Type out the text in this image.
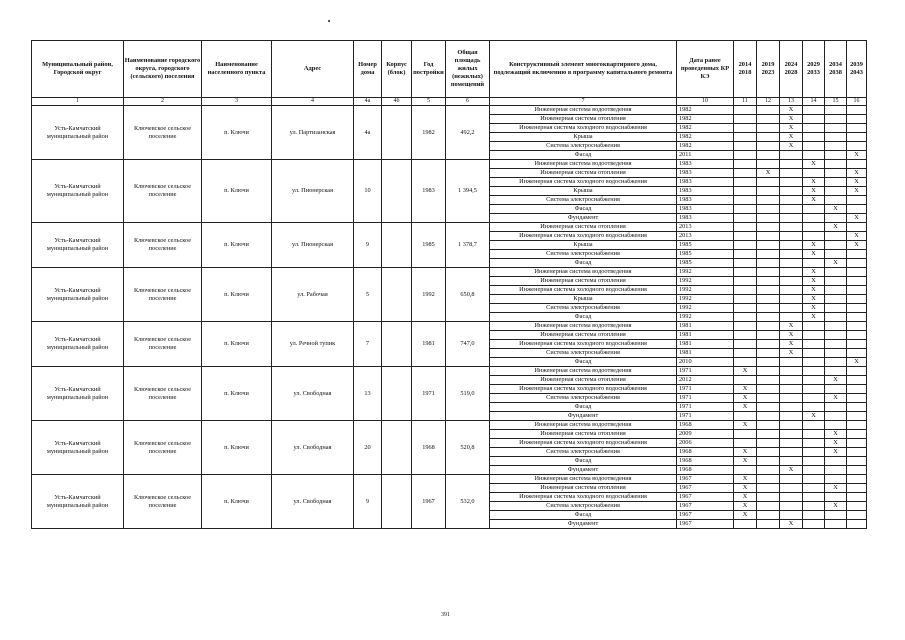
Муниципальный район, Городской округ	Наименование городского округа, городского (сельского) поселения	Наименование населенного пункта	Адрес	Номер дома	Корпус (блок)	Год постройки	Общая площадь жилых (нежилых) помещений	Конструктивный элемент многоквартирного дома, подлежащий включению в программу капитального ремонта	Дата ранее проведенных КР КЭ	2014 2018	2019 2023	2024 2028	2029 2033	2034 2038	2039 2043
1	2	3	4	4а	4б	5	6	7	10	11	12	13	14	15	16
Усть-Камчатский муниципальный район	Ключевское сельское поселение	п. Ключи	ул. Партизанская	4а		1982	492,2	Инженерная система водоотведения	1982			X			
								Инженерная система отопления	1982			X			
								Инженерная система холодного водоснабжения	1982			X			
								Крыша	1982			X			
								Система электроснабжения	1982			X			
								Фасад	2011						X
Усть-Камчатский муниципальный район	Ключевское сельское поселение	п. Ключи	ул. Пионерская	10		1983	1 394,5	Инженерная система водоотведения	1983				X		
								Инженерная система отопления	1983		X				X
								Инженерная система холодного водоснабжения	1983				X		X
								Крыша	1983				X		X
								Система электроснабжения	1983				X		
								Фасад	1983					X	
								Фундамент	1983						X
Усть-Камчатский муниципальный район	Ключевское сельское поселение	п. Ключи	ул. Пионерская	9		1985	1 378,7	Инженерная система отопления	2013					X	
								Инженерная система холодного водоснабжения	2013						X
								Крыша	1985				X		X
								Система электроснабжения	1985				X		
								Фасад	1985					X	
Усть-Камчатский муниципальный район	Ключевское сельское поселение	п. Ключи	ул. Рабочая	5		1992	650,8	Инженерная система водоотведения	1992				X		
								Инженерная система отопления	1992				X		
								Инженерная система холодного водоснабжения	1992				X		
								Крыша	1992				X		
								Система электроснабжения	1992				X		
								Фасад	1992				X		
Усть-Камчатский муниципальный район	Ключевское сельское поселение	п. Ключи	ул. Речной тупик	7		1981	747,0	Инженерная система водоотведения	1981			X			
								Инженерная система отопления	1981			X			
								Инженерная система холодного водоснабжения	1981			X			
								Система электроснабжения	1981			X			
								Фасад	2010						X
Усть-Камчатский муниципальный район	Ключевское сельское поселение	п. Ключи	ул. Свободная	13		1971	519,0	Инженерная система водоотведения	1971	X					
								Инженерная система отопления	2012					X	
								Инженерная система холодного водоснабжения	1971	X					
								Система электроснабжения	1971	X				X	
								Фасад	1971	X					
								Фундамент	1971				X		
Усть-Камчатский муниципальный район	Ключевское сельское поселение	п. Ключи	ул. Свободная	20		1968	520,8	Инженерная система водоотведения	1968	X					
								Инженерная система отопления	2009					X	
								Инженерная система холодного водоснабжения	2006					X	
								Система электроснабжения	1968	X				X	
								Фасад	1968	X					
								Фундамент	1968			X			
Усть-Камчатский муниципальный район	Ключевское сельское поселение	п. Ключи	ул. Свободная	9		1967	532,0	Инженерная система водоотведения	1967	X					
								Инженерная система отопления	1967	X				X	
								Инженерная система холодного водоснабжения	1967	X					
								Система электроснабжения	1967	X				X	
								Фасад	1967	X					
								Фундамент	1967			X			
391
